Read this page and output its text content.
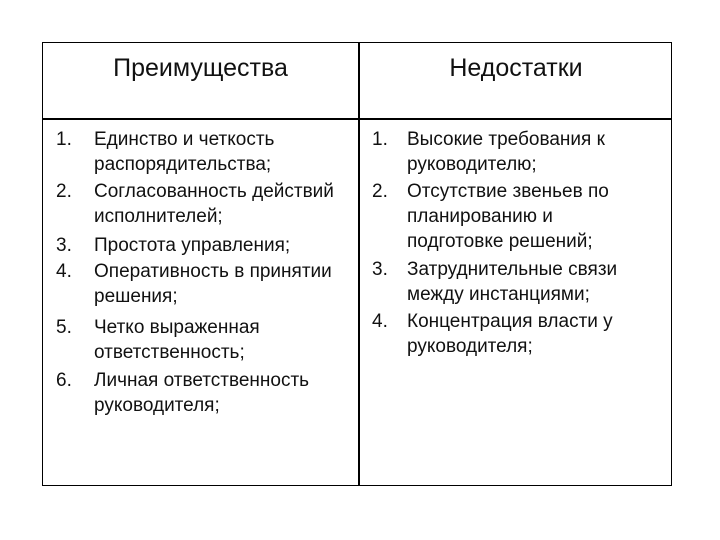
Преимущества	Недостатки
1. Единство и четкость
распорядительства;
2. Согласованность действий
исполнителей;
3. Простота управления;
4. Оперативность в принятии
решения;
5. Четко выраженная
ответственность;
6. Личная ответственность
руководителя;
1. Высокие требования к
руководителю;
2. Отсутствие звеньев по
планированию и
подготовке решений;
3. Затруднительные связи
между инстанциями;
4. Концентрация власти у
руководителя;
